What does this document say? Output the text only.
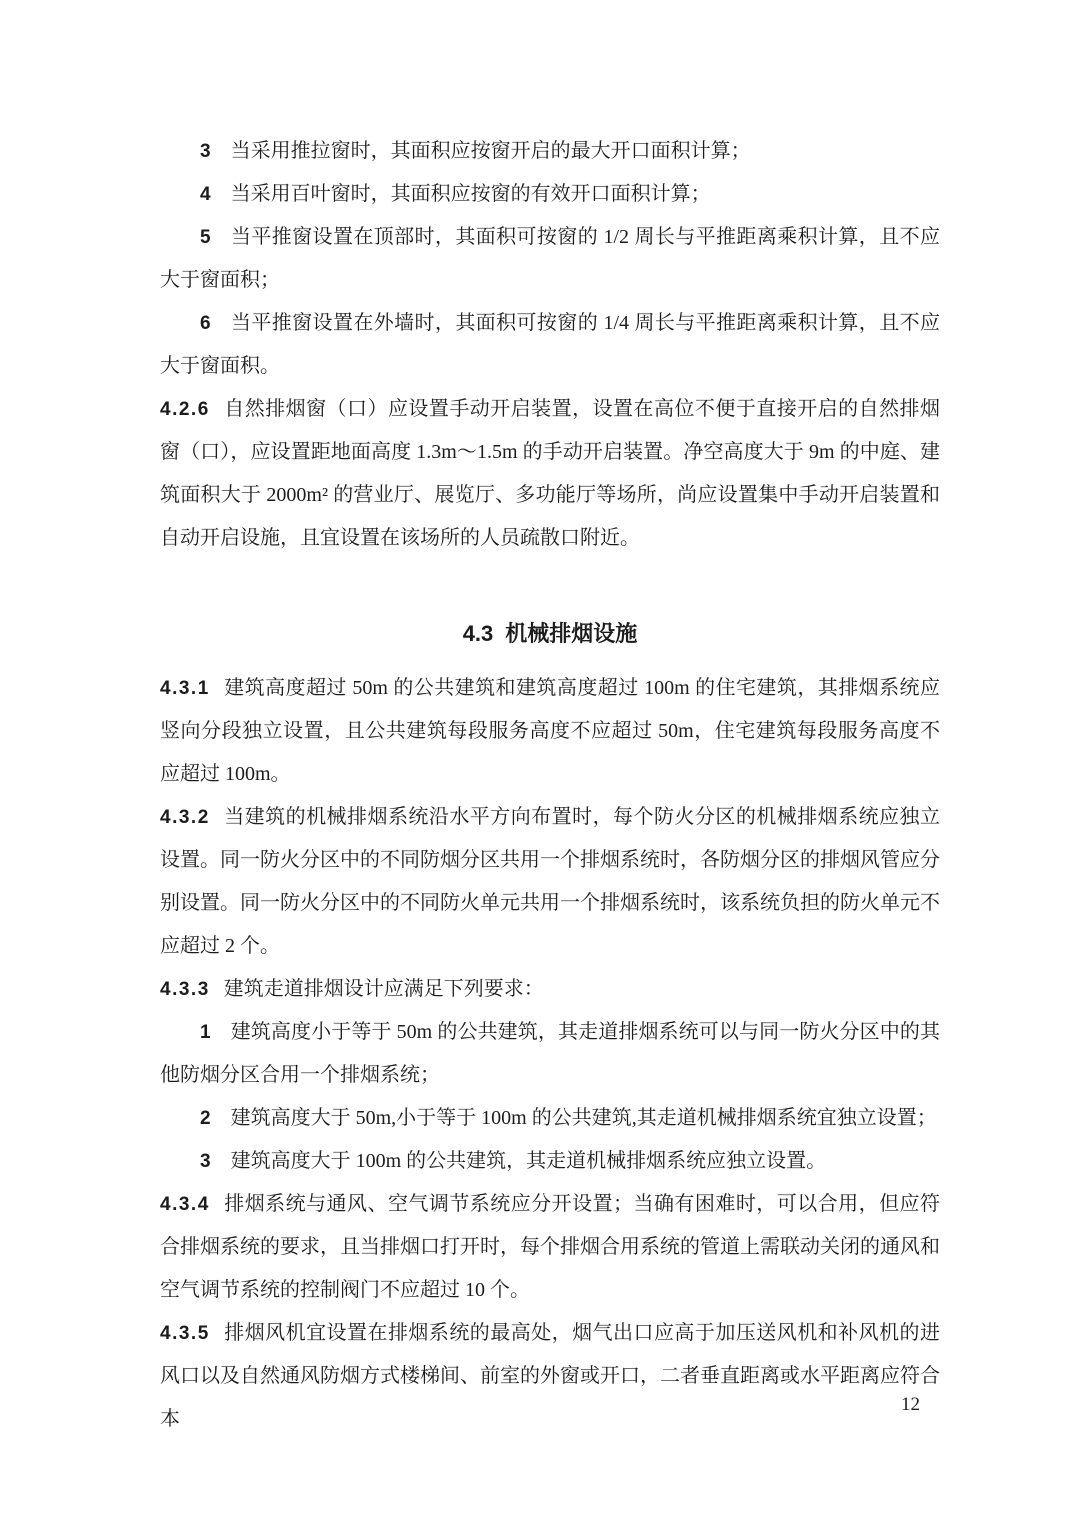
3 当采用推拉窗时，其面积应按窗开启的最大开口面积计算；

4 当采用百叶窗时，其面积应按窗的有效开口面积计算；

5 当平推窗设置在顶部时，其面积可按窗的 1/2 周长与平推距离乘积计算，且不应大于窗面积；

6 当平推窗设置在外墙时，其面积可按窗的 1/4 周长与平推距离乘积计算，且不应大于窗面积。

4.2.6 自然排烟窗（口）应设置手动开启装置，设置在高位不便于直接开启的自然排烟窗（口），应设置距地面高度 1.3m～1.5m 的手动开启装置。净空高度大于 9m 的中庭、建筑面积大于 2000m² 的营业厅、展览厅、多功能厅等场所，尚应设置集中手动开启装置和自动开启设施，且宜设置在该场所的人员疏散口附近。

4.3 机械排烟设施

4.3.1 建筑高度超过 50m 的公共建筑和建筑高度超过 100m 的住宅建筑，其排烟系统应竖向分段独立设置，且公共建筑每段服务高度不应超过 50m，住宅建筑每段服务高度不应超过 100m。

4.3.2 当建筑的机械排烟系统沿水平方向布置时，每个防火分区的机械排烟系统应独立设置。同一防火分区中的不同防烟分区共用一个排烟系统时，各防烟分区的排烟风管应分别设置。同一防火分区中的不同防火单元共用一个排烟系统时，该系统负担的防火单元不应超过 2 个。

4.3.3 建筑走道排烟设计应满足下列要求：

1 建筑高度小于等于 50m 的公共建筑，其走道排烟系统可以与同一防火分区中的其他防烟分区合用一个排烟系统；

2 建筑高度大于 50m,小于等于 100m 的公共建筑,其走道机械排烟系统宜独立设置；

3 建筑高度大于 100m 的公共建筑，其走道机械排烟系统应独立设置。

4.3.4 排烟系统与通风、空气调节系统应分开设置；当确有困难时，可以合用，但应符合排烟系统的要求，且当排烟口打开时，每个排烟合用系统的管道上需联动关闭的通风和空气调节系统的控制阀门不应超过 10 个。

4.3.5 排烟风机宜设置在排烟系统的最高处，烟气出口应高于加压送风机和补风机的进风口以及自然通风防烟方式楼梯间、前室的外窗或开口，二者垂直距离或水平距离应符合本

12
